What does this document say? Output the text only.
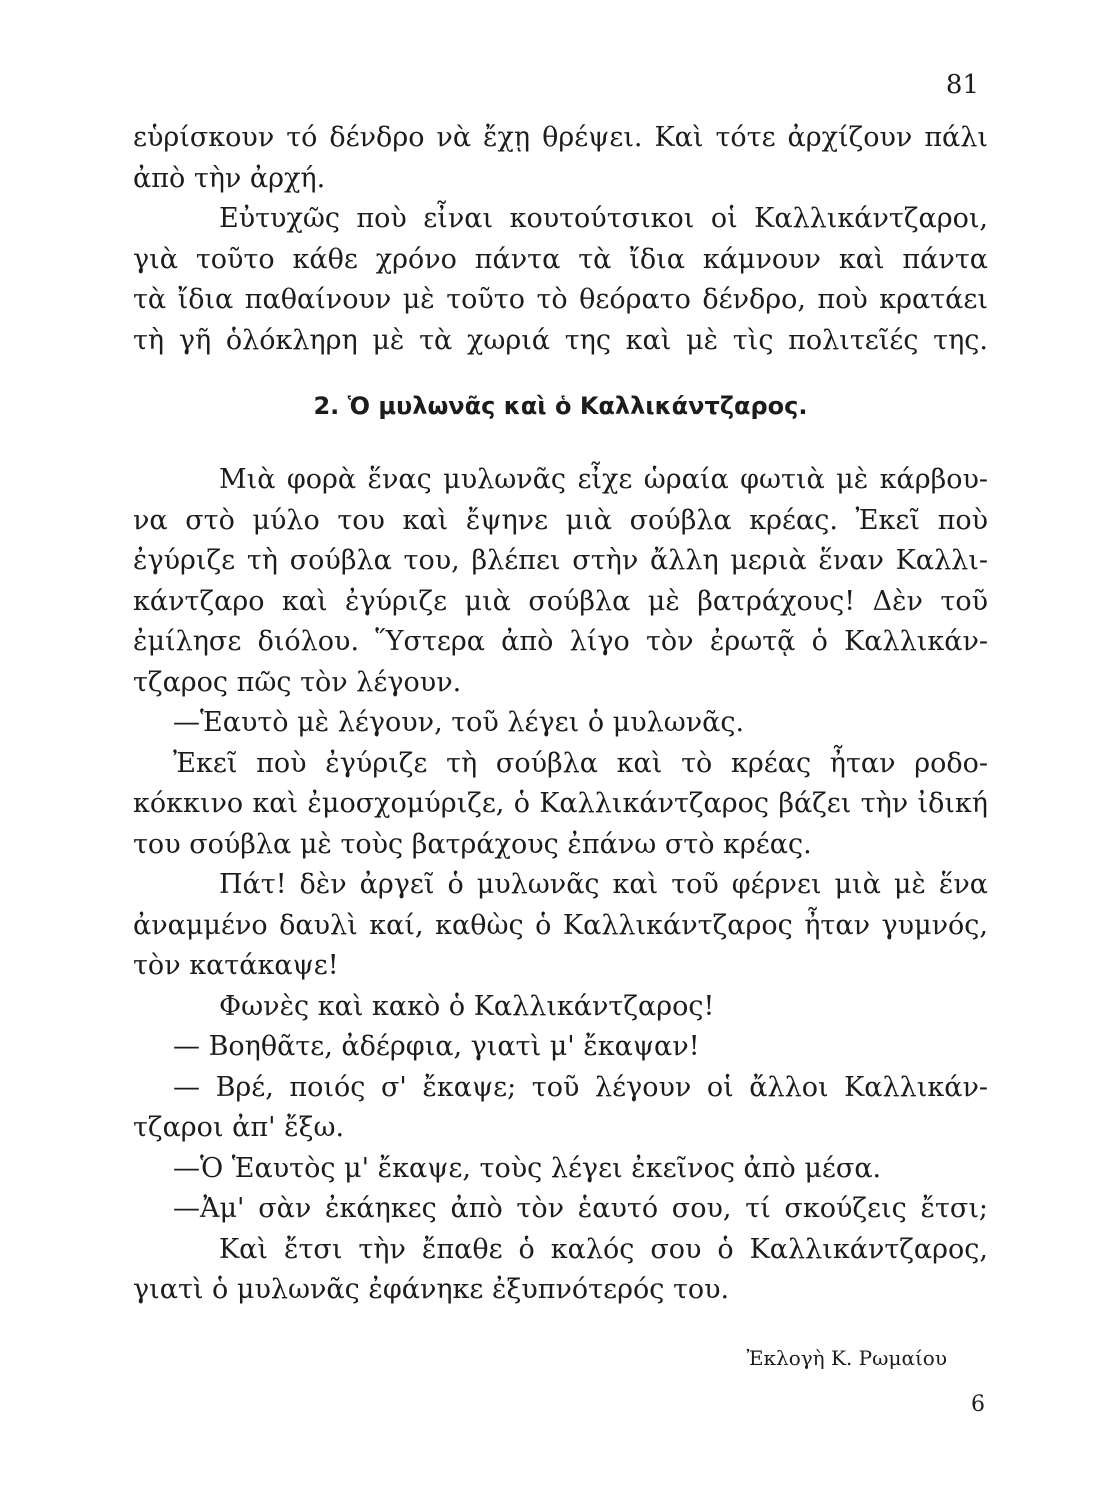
81

εὑρίσκουν τό δένδρο νὰ ἔχῃ θρέψει. Καὶ τότε ἀρχίζουν πάλι
ἀπὸ τὴν ἀρχή.

Εὐτυχῶς ποὺ εἶναι κουτούτσικοι οἱ Καλλικάντζαροι,
γιὰ τοῦτο κάθε χρόνο πάντα τὰ ἴδια κάμνουν καὶ πάντα
τὰ ἴδια παθαίνουν μὲ τοῦτο τὸ θεόρατο δένδρο, ποὺ κρατάει
τὴ γῆ ὁλόκληρη μὲ τὰ χωριά της καὶ μὲ τὶς πολιτεῖές της.

2. Ὁ μυλωνᾶς καὶ ὁ Καλλικάντζαρος.
Μιὰ φορὰ ἕνας μυλωνᾶς εἶχε ὡραία φωτιὰ μὲ κάρβου-
να στὸ μύλο του καὶ ἔψηνε μιὰ σούβλα κρέας. Ἐκεῖ ποὺ
ἐγύριζε τὴ σούβλα του, βλέπει στὴν ἄλλη μεριὰ ἕναν Καλλι-
κάντζαρο καὶ ἐγύριζε μιὰ σούβλα μὲ βατράχους! Δὲν τοῦ
ἐμίλησε διόλου. Ὕστερα ἀπὸ λίγο τὸν ἐρωτᾷ ὁ Καλλικάν-
τζαρος πῶς τὸν λέγουν.
—Ἑαυτὸ μὲ λέγουν, τοῦ λέγει ὁ μυλωνᾶς.
Ἐκεῖ ποὺ ἐγύριζε τὴ σούβλα καὶ τὸ κρέας ἦταν ροδο-
κόκκινο καὶ ἐμοσχομύριζε, ὁ Καλλικάντζαρος βάζει τὴν ἰδική
του σούβλα μὲ τοὺς βατράχους ἐπάνω στὸ κρέας.
Πάτ! δὲν ἀργεῖ ὁ μυλωνᾶς καὶ τοῦ φέρνει μιὰ μὲ ἕνα
ἀναμμένο δαυλὶ καί, καθὼς ὁ Καλλικάντζαρος ἦταν γυμνός,
τὸν κατάκαψε!
Φωνὲς καὶ κακὸ ὁ Καλλικάντζαρος!
— Βοηθᾶτε, ἀδέρφια, γιατὶ μ' ἔκαψαν!
— Βρέ, ποιός σ' ἔκαψε; τοῦ λέγουν οἱ ἄλλοι Καλλικάν-
τζαροι ἀπ' ἔξω.
—Ὁ Ἑαυτὸς μ' ἔκαψε, τοὺς λέγει ἐκεῖνος ἀπὸ μέσα.
—Ἀμ' σὰν ἐκάηκες ἀπὸ τὸν ἑαυτό σου, τί σκούζεις ἔτσι;
Καὶ ἔτσι τὴν ἔπαθε ὁ καλός σου ὁ Καλλικάντζαρος,
γιατὶ ὁ μυλωνᾶς ἐφάνηκε ἐξυπνότερός του.
Ἐκλογὴ Κ. Ρωμαίου
6
